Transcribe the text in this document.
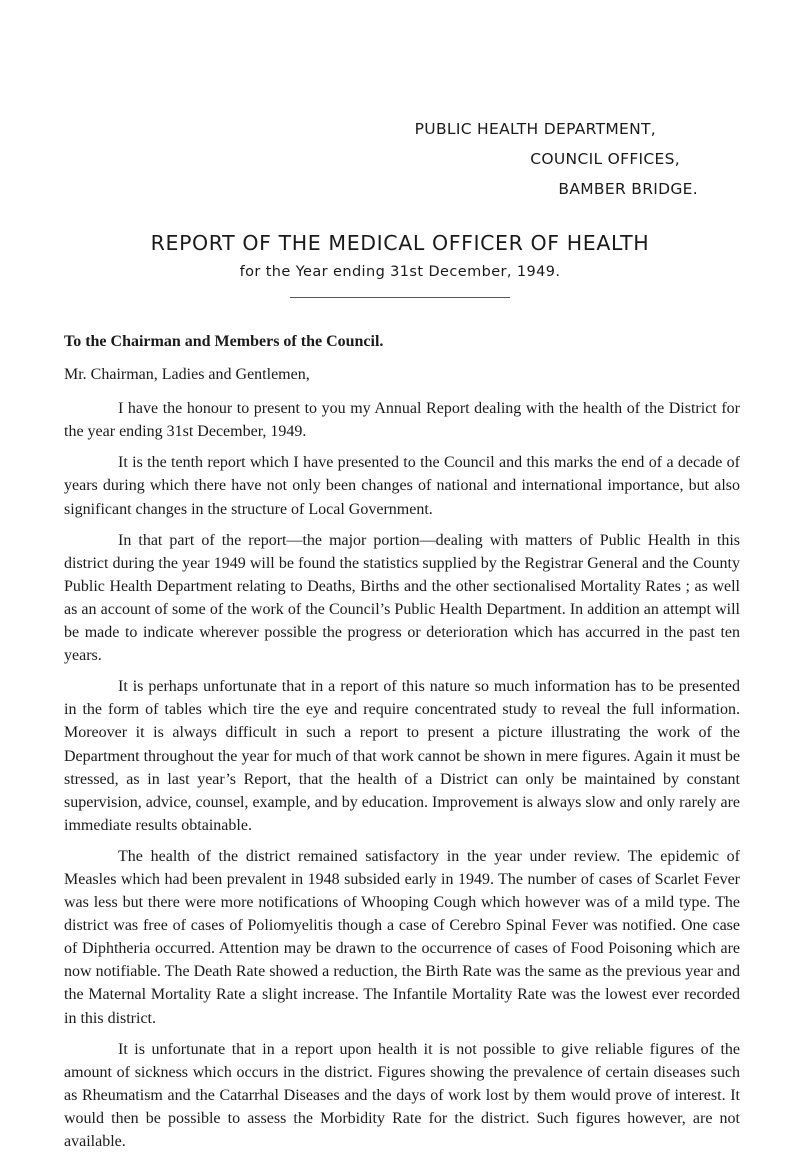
PUBLIC HEALTH DEPARTMENT,
COUNCIL OFFICES,
BAMBER BRIDGE.
REPORT OF THE MEDICAL OFFICER OF HEALTH
for the Year ending 31st December, 1949.
To the Chairman and Members of the Council.
Mr. Chairman, Ladies and Gentlemen,

I have the honour to present to you my Annual Report dealing with the health of the District for the year ending 31st December, 1949.

It is the tenth report which I have presented to the Council and this marks the end of a decade of years during which there have not only been changes of national and international importance, but also significant changes in the structure of Local Government.

In that part of the report—the major portion—dealing with matters of Public Health in this district during the year 1949 will be found the statistics supplied by the Registrar General and the County Public Health Department relating to Deaths, Births and the other sectionalised Mortality Rates ; as well as an account of some of the work of the Council’s Public Health Department. In addition an attempt will be made to indicate wherever possible the progress or deterioration which has accurred in the past ten years.

It is perhaps unfortunate that in a report of this nature so much information has to be presented in the form of tables which tire the eye and require concentrated study to reveal the full information. Moreover it is always difficult in such a report to present a picture illustrating the work of the Department throughout the year for much of that work cannot be shown in mere figures. Again it must be stressed, as in last year’s Report, that the health of a District can only be maintained by constant supervision, advice, counsel, example, and by education. Improvement is always slow and only rarely are immediate results obtainable.

The health of the district remained satisfactory in the year under review. The epidemic of Measles which had been prevalent in 1948 subsided early in 1949. The number of cases of Scarlet Fever was less but there were more notifications of Whooping Cough which however was of a mild type. The district was free of cases of Poliomyelitis though a case of Cerebro Spinal Fever was notified. One case of Diphtheria occurred. Attention may be drawn to the occurrence of cases of Food Poisoning which are now notifiable. The Death Rate showed a reduction, the Birth Rate was the same as the previous year and the Maternal Mortality Rate a slight increase. The Infantile Mortality Rate was the lowest ever recorded in this district.

It is unfortunate that in a report upon health it is not possible to give reliable figures of the amount of sickness which occurs in the district. Figures showing the prevalence of certain diseases such as Rheumatism and the Catarrhal Diseases and the days of work lost by them would prove of interest. It would then be possible to assess the Morbidity Rate for the district. Such figures however, are not available.
